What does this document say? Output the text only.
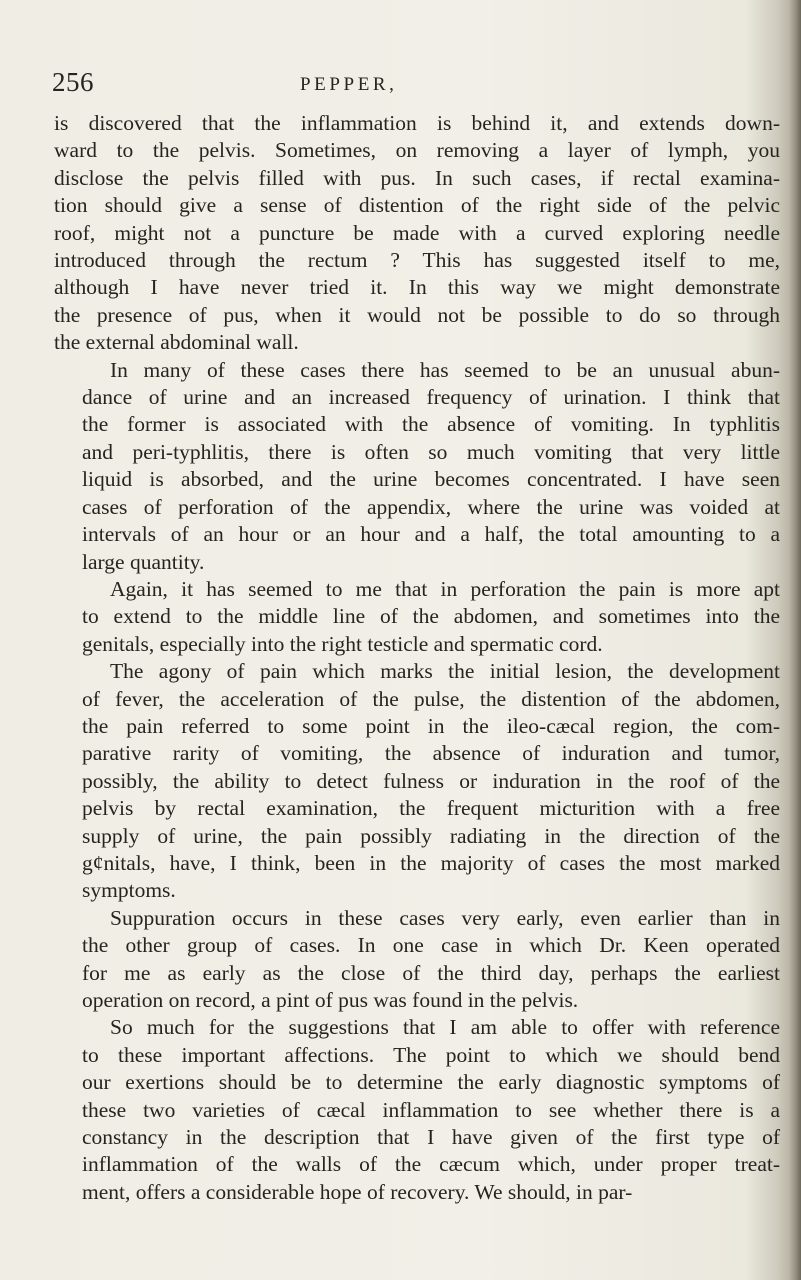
256	PEPPER,
is discovered that the inflammation is behind it, and extends down-
ward to the pelvis. Sometimes, on removing a layer of lymph, you
disclose the pelvis filled with pus. In such cases, if rectal examina-
tion should give a sense of distention of the right side of the pelvic
roof, might not a puncture be made with a curved exploring needle
introduced through the rectum ? This has suggested itself to me,
although I have never tried it. In this way we might demonstrate
the presence of pus, when it would not be possible to do so through
the external abdominal wall.
In many of these cases there has seemed to be an unusual abun-
dance of urine and an increased frequency of urination. I think that
the former is associated with the absence of vomiting. In typhlitis
and peri-typhlitis, there is often so much vomiting that very little
liquid is absorbed, and the urine becomes concentrated. I have seen
cases of perforation of the appendix, where the urine was voided at
intervals of an hour or an hour and a half, the total amounting to a
large quantity.
Again, it has seemed to me that in perforation the pain is more apt
to extend to the middle line of the abdomen, and sometimes into the
genitals, especially into the right testicle and spermatic cord.
The agony of pain which marks the initial lesion, the development
of fever, the acceleration of the pulse, the distention of the abdomen,
the pain referred to some point in the ileo-cæcal region, the com-
parative rarity of vomiting, the absence of induration and tumor,
possibly, the ability to detect fulness or induration in the roof of the
pelvis by rectal examination, the frequent micturition with a free
supply of urine, the pain possibly radiating in the direction of the
g¢nitals, have, I think, been in the majority of cases the most marked
symptoms.
Suppuration occurs in these cases very early, even earlier than in
the other group of cases. In one case in which Dr. Keen operated
for me as early as the close of the third day, perhaps the earliest
operation on record, a pint of pus was found in the pelvis.
So much for the suggestions that I am able to offer with reference
to these important affections. The point to which we should bend
our exertions should be to determine the early diagnostic symptoms of
these two varieties of cæcal inflammation to see whether there is a
constancy in the description that I have given of the first type of
inflammation of the walls of the cæcum which, under proper treat-
ment, offers a considerable hope of recovery. We should, in par-
